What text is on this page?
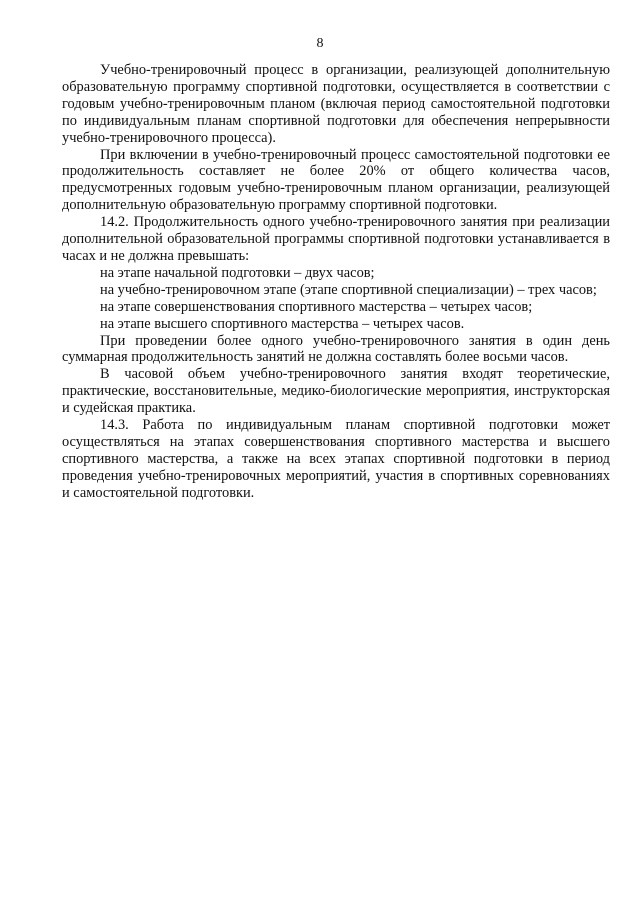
8

Учебно-тренировочный процесс в организации, реализующей дополнительную образовательную программу спортивной подготовки, осуществляется в соответствии с годовым учебно-тренировочным планом (включая период самостоятельной подготовки по индивидуальным планам спортивной подготовки для обеспечения непрерывности учебно-тренировочного процесса).

При включении в учебно-тренировочный процесс самостоятельной подготовки ее продолжительность составляет не более 20% от общего количества часов, предусмотренных годовым учебно-тренировочным планом организации, реализующей дополнительную образовательную программу спортивной подготовки.

14.2. Продолжительность одного учебно-тренировочного занятия при реализации дополнительной образовательной программы спортивной подготовки устанавливается в часах и не должна превышать:

на этапе начальной подготовки – двух часов;

на учебно-тренировочном этапе (этапе спортивной специализации) – трех часов;

на этапе совершенствования спортивного мастерства – четырех часов;

на этапе высшего спортивного мастерства – четырех часов.

При проведении более одного учебно-тренировочного занятия в один день суммарная продолжительность занятий не должна составлять более восьми часов.

В часовой объем учебно-тренировочного занятия входят теоретические, практические, восстановительные, медико-биологические мероприятия, инструкторская и судейская практика.

14.3. Работа по индивидуальным планам спортивной подготовки может осуществляться на этапах совершенствования спортивного мастерства и высшего спортивного мастерства, а также на всех этапах спортивной подготовки в период проведения учебно-тренировочных мероприятий, участия в спортивных соревнованиях и самостоятельной подготовки.
